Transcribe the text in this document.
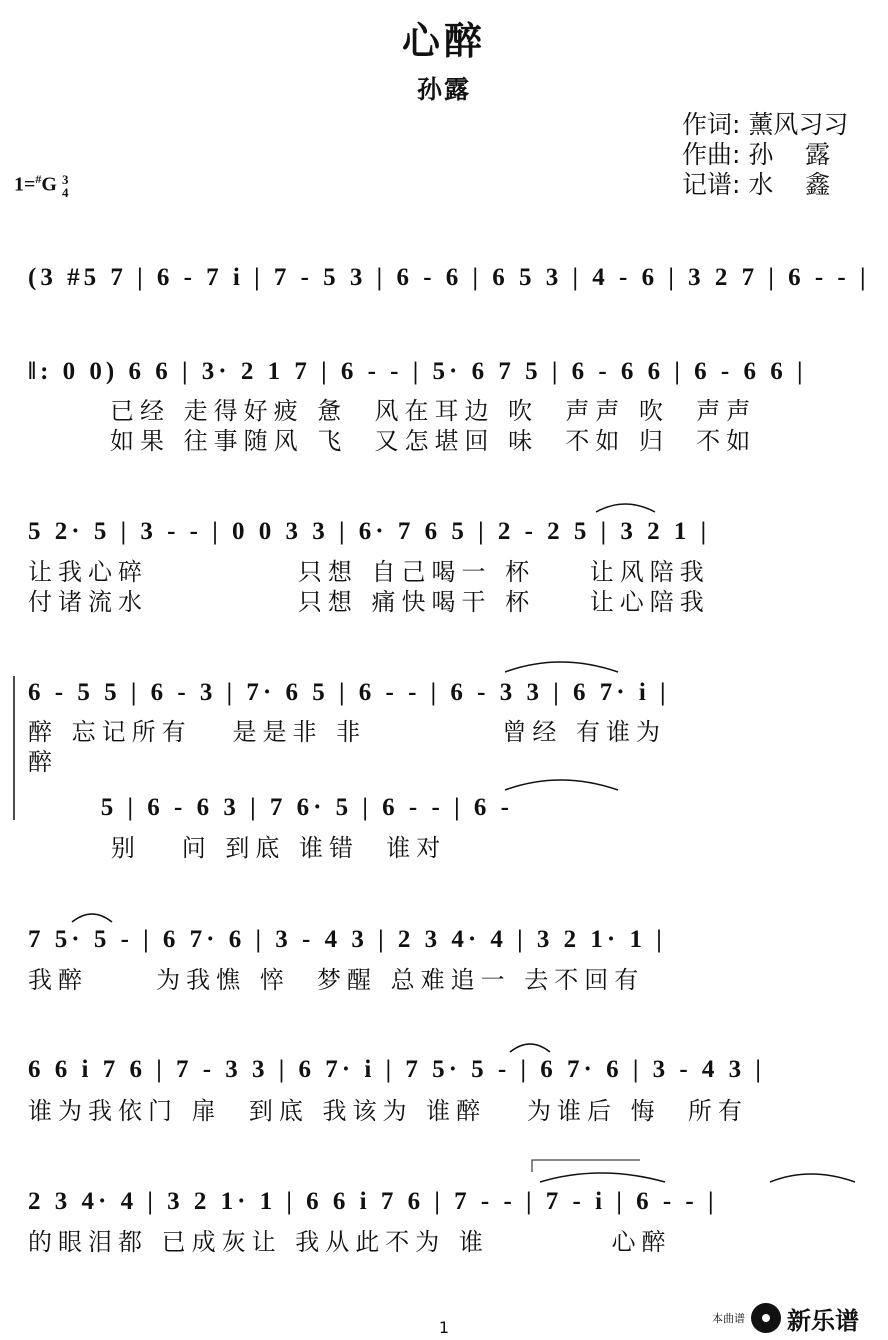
心醉
孙露
作词: 薰风习习
作曲: 孙    露
记谱: 水    鑫
1=#G 3
4
(3 #5 7 | 6 - 7 i | 7 - 5 3 | 6 - 6 | 6 5 3 | 4 - 6 | 3 2 7 | 6 - - |
‖: 0 0) 6 6 | 3· 2 1 7 | 6 - - | 5· 6 7 5 | 6 - 6 6 | 6 - 6 6 |
已经 走得好疲 惫  风在耳边 吹  声声 吹  声声
如果 往事随风 飞  又怎堪回 味  不如 归  不如
5 2· 5 | 3 - - | 0 0 3 3 | 6· 7 6 5 | 2 - 2 5 | 3 2 1 |
让我心碎           只想 自己喝一 杯    让风陪我
付诸流水           只想 痛快喝干 杯    让心陪我
6 - 5 5 | 6 - 3 | 7· 6 5 | 6 - - | 6 - 3 3 | 6 7· i |
醉 忘记所有   是是非 非          曾经 有谁为
醉
5 | 6 - 6 3 | 7 6· 5 | 6 - - | 6 -
别   问 到底 谁错  谁对
7 5· 5 - | 6 7· 6 | 3 - 4 3 | 2 3 4· 4 | 3 2 1· 1 |
我醉     为我憔 悴  梦醒 总难追一 去不回有
6 6 i 7 6 | 7 - 3 3 | 6 7· i | 7 5· 5 - | 6 7· 6 | 3 - 4 3 |
谁为我依门 扉  到底 我该为 谁醉   为谁后 悔  所有
2 3 4· 4 | 3 2 1· 1 | 6 6 i 7 6 | 7 - - | 7 - i | 6 - - |
的眼泪都 已成灰让 我从此不为 谁         心醉
1	本曲谱 新乐谱
